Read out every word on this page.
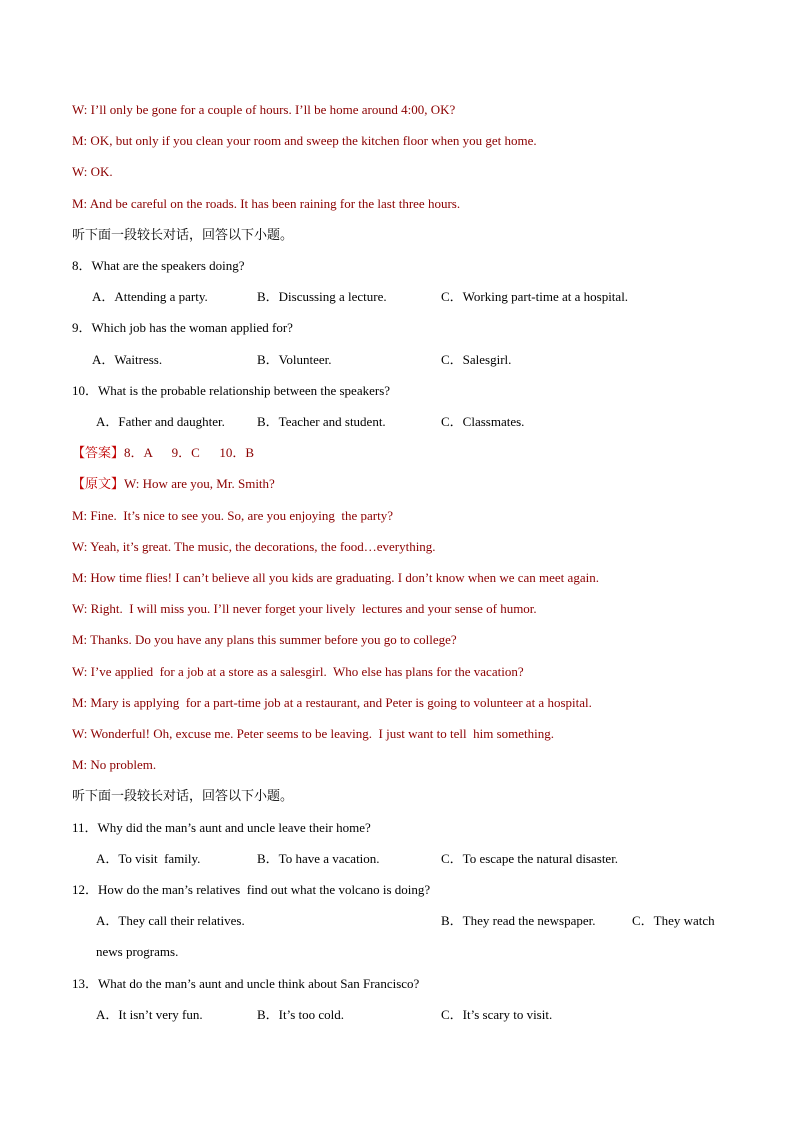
W: I’ll only be gone for a couple of hours. I’ll be home around 4:00, OK?
M: OK, but only if you clean your room and sweep the kitchen floor when you get home.
W: OK.
M: And be careful on the roads. It has been raining for the last three hours.
听下面一段较长对话，回答以下小题。
8．What are the speakers doing?
A．Attending a party.	B．Discussing a lecture.	C．Working part-time at a hospital.
9．Which job has the woman applied for?
A．Waitress.	B．Volunteer.	C．Salesgirl.
10．What is the probable relationship between the speakers?
A．Father and daughter. B．Teacher and student.	C．Classmates.
【答案】8．A      9．C      10．B
【原文】W: How are you, Mr. Smith?
M: Fine.  It’s nice to see you. So, are you enjoying  the party?
W: Yeah, it’s great. The music, the decorations, the food…everything.
M: How time flies! I can’t believe all you kids are graduating. I don’t know when we can meet again.
W: Right.  I will miss you. I’ll never forget your lively  lectures and your sense of humor.
M: Thanks. Do you have any plans this summer before you go to college?
W: I’ve applied  for a job at a store as a salesgirl.  Who else has plans for the vacation?
M: Mary is applying  for a part-time job at a restaurant, and Peter is going to volunteer at a hospital.
W: Wonderful! Oh, excuse me. Peter seems to be leaving.  I just want to tell  him something.
M: No problem.
听下面一段较长对话，回答以下小题。
11．Why did the man’s aunt and uncle leave their home?
A．To visit  family.	B．To have a vacation.	C．To escape the natural disaster.
12．How do the man’s relatives  find out what the volcano is doing?
A．They call their relatives.	B．They read the newspaper.	C．They watch
news programs.
13．What do the man’s aunt and uncle think about San Francisco?
A．It isn’t very fun.	B．It’s too cold.	C．It’s scary to visit.
